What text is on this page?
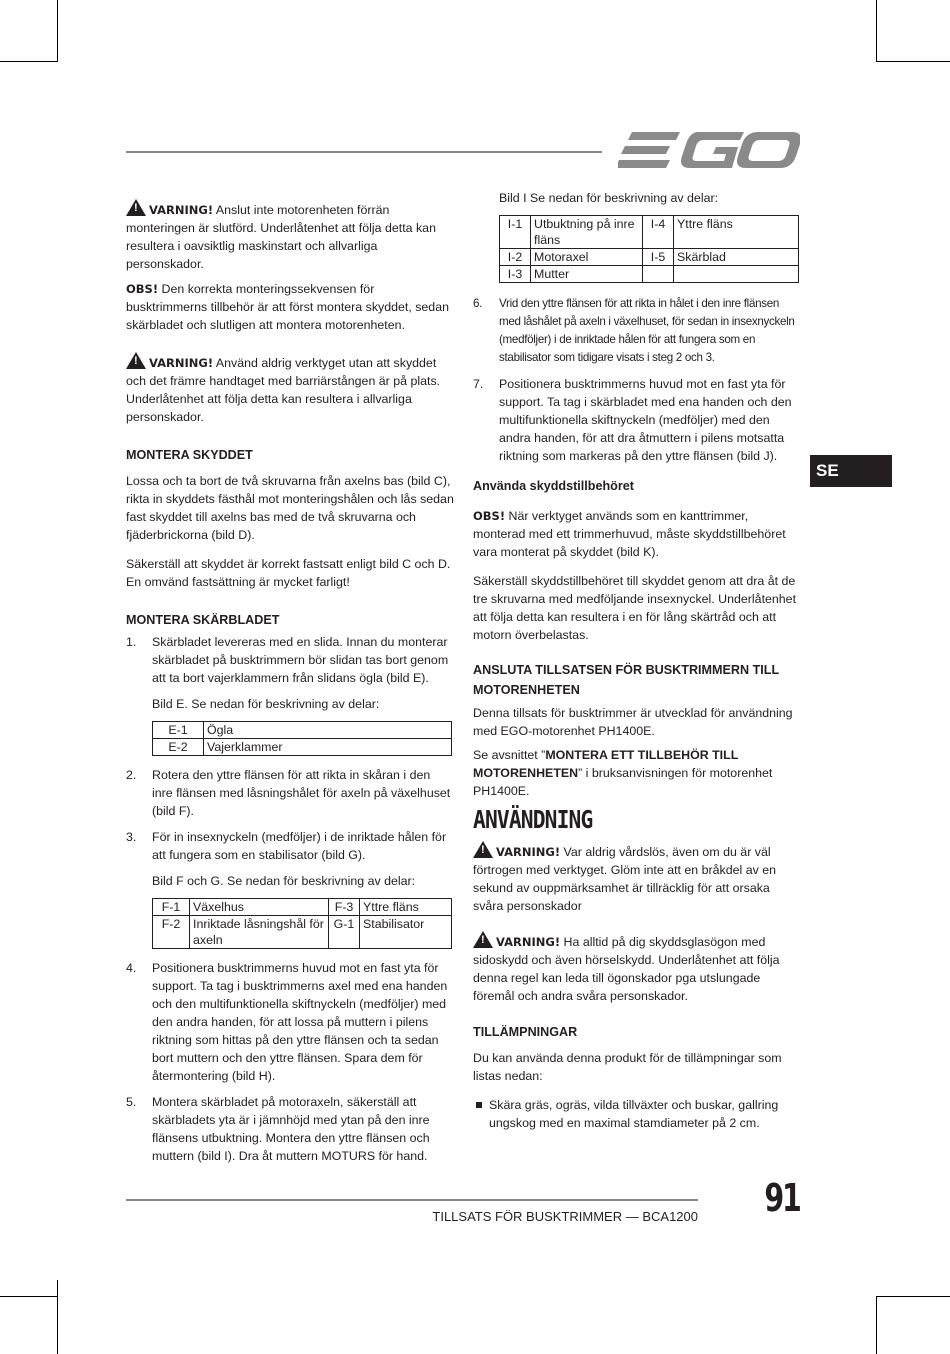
SE

!VARNING! Anslut inte motorenheten förrän monteringen är slutförd. Underlåtenhet att följa detta kan resultera i oavsiktlig maskinstart och allvarliga personskador.

OBS! Den korrekta monteringssekvensen för busktrimmerns tillbehör är att först montera skyddet, sedan skärbladet och slutligen att montera motorenheten.

!VARNING! Använd aldrig verktyget utan att skyddet och det främre handtaget med barriärstången är på plats. Underlåtenhet att följa detta kan resultera i allvarliga personskador.

MONTERA SKYDDET

Lossa och ta bort de två skruvarna från axelns bas (bild C), rikta in skyddets fästhål mot monteringshålen och lås sedan fast skyddet till axelns bas med de två skruvarna och fjäderbrickorna (bild D).

Säkerställ att skyddet är korrekt fastsatt enligt bild C och D. En omvänd fastsättning är mycket farligt!

MONTERA SKÄRBLADET
1. Skärbladet levereras med en slida. Innan du monterar skärbladet på busktrimmern bör slidan tas bort genom att ta bort vajerklammern från slidans ögla (bild E).
Bild E. Se nedan för beskrivning av delar:
E-1	Ögla
E-2	Vajerklammer
2. Rotera den yttre flänsen för att rikta in skåran i den inre flänsen med låsningshålet för axeln på växelhuset (bild F).
3. För in insexnyckeln (medföljer) i de inriktade hålen för att fungera som en stabilisator (bild G).
Bild F och G. Se nedan för beskrivning av delar:
F-1	Växelhus	F-3	Yttre fläns
F-2	Inriktade låsningshål för axeln	G-1	Stabilisator
4. Positionera busktrimmerns huvud mot en fast yta för support. Ta tag i busktrimmerns axel med ena handen och den multifunktionella skiftnyckeln (medföljer) med den andra handen, för att lossa på muttern i pilens riktning som hittas på den yttre flänsen och ta sedan bort muttern och den yttre flänsen. Spara dem för återmontering (bild H).
5. Montera skärbladet på motoraxeln, säkerställ att skärbladets yta är i jämnhöjd med ytan på den inre flänsens utbuktning. Montera den yttre flänsen och muttern (bild I). Dra åt muttern MOTURS för hand.
Bild I Se nedan för beskrivning av delar:
I-1	Utbuktning på inre fläns	I-4	Yttre fläns
I-2	Motoraxel	I-5	Skärblad
I-3	Mutter		
6. Vrid den yttre flänsen för att rikta in hålet i den inre flänsen med låshålet på axeln i växelhuset, för sedan in insexnyckeln (medföljer) i de inriktade hålen för att fungera som en stabilisator som tidigare visats i steg 2 och 3.
7. Positionera busktrimmerns huvud mot en fast yta för support. Ta tag i skärbladet med ena handen och den multifunktionella skiftnyckeln (medföljer) med den andra handen, för att dra åtmuttern i pilens motsatta riktning som markeras på den yttre flänsen (bild J).
Använda skyddstillbehöret

OBS! När verktyget används som en kanttrimmer, monterad med ett trimmerhuvud, måste skyddstillbehöret vara monterat på skyddet (bild K).

Säkerställ skyddstillbehöret till skyddet genom att dra åt de tre skruvarna med medföljande insexnyckel. Underlåtenhet att följa detta kan resultera i en för lång skärtråd och att motorn överbelastas.

ANSLUTA TILLSATSEN FÖR BUSKTRIMMERN TILL MOTORENHETEN

Denna tillsats för busktrimmer är utvecklad för användning med EGO-motorenhet PH1400E.

Se avsnittet ”MONTERA ETT TILLBEHÖR TILL MOTORENHETEN” i bruksanvisningen för motorenhet PH1400E.

ANVÄNDNING

!VARNING! Var aldrig vårdslös, även om du är väl förtrogen med verktyget. Glöm inte att en bråkdel av en sekund av ouppmärksamhet är tillräcklig för att orsaka svåra personskador

!VARNING! Ha alltid på dig skyddsglasögon med sidoskydd och även hörselskydd. Underlåtenhet att följa denna regel kan leda till ögonskador pga utslungade föremål och andra svåra personskador.

TILLÄMPNINGAR

Du kan använda denna produkt för de tillämpningar som listas nedan:

Skära gräs, ogräs, vilda tillväxter och buskar, gallring ungskog med en maximal stamdiameter på 2 cm.
TILLSATS FÖR BUSKTRIMMER — BCA1200 91
